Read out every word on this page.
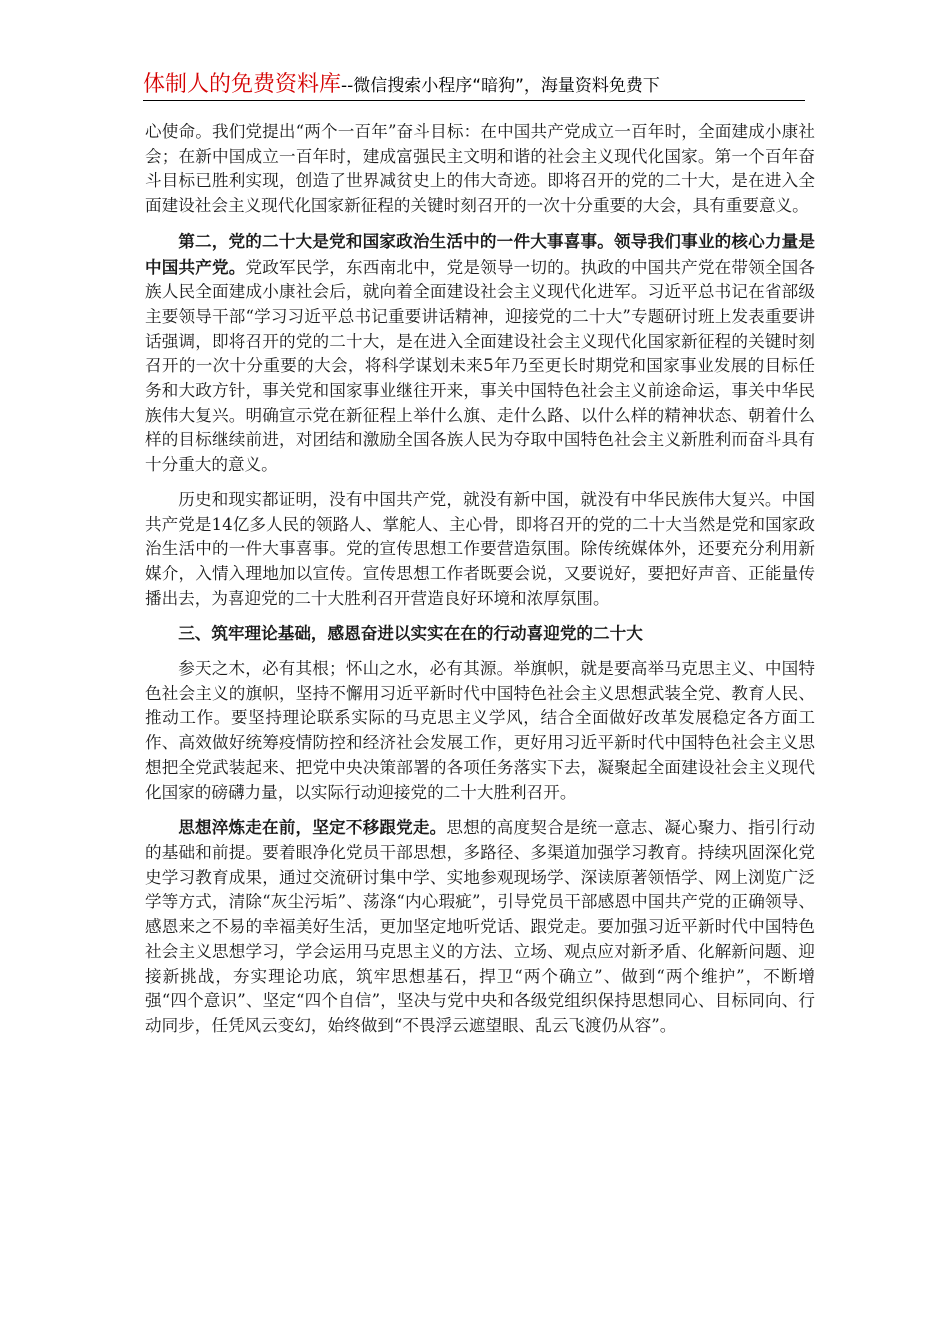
体制人的免费资料库--微信搜索小程序“暗狗”，海量资料免费下

心使命。我们党提出“两个一百年”奋斗目标：在中国共产党成立一百年时，全面建成小康社会；在新中国成立一百年时，建成富强民主文明和谐的社会主义现代化国家。第一个百年奋斗目标已胜利实现，创造了世界减贫史上的伟大奇迹。即将召开的党的二十大，是在进入全面建设社会主义现代化国家新征程的关键时刻召开的一次十分重要的大会，具有重要意义。

第二，党的二十大是党和国家政治生活中的一件大事喜事。领导我们事业的核心力量是中国共产党。党政军民学，东西南北中，党是领导一切的。执政的中国共产党在带领全国各族人民全面建成小康社会后，就向着全面建设社会主义现代化进军。习近平总书记在省部级主要领导干部“学习习近平总书记重要讲话精神，迎接党的二十大”专题研讨班上发表重要讲话强调，即将召开的党的二十大，是在进入全面建设社会主义现代化国家新征程的关键时刻召开的一次十分重要的大会，将科学谋划未来5年乃至更长时期党和国家事业发展的目标任务和大政方针，事关党和国家事业继往开来，事关中国特色社会主义前途命运，事关中华民族伟大复兴。明确宣示党在新征程上举什么旗、走什么路、以什么样的精神状态、朝着什么样的目标继续前进，对团结和激励全国各族人民为夺取中国特色社会主义新胜利而奋斗具有十分重大的意义。

历史和现实都证明，没有中国共产党，就没有新中国，就没有中华民族伟大复兴。中国共产党是14亿多人民的领路人、掌舵人、主心骨，即将召开的党的二十大当然是党和国家政治生活中的一件大事喜事。党的宣传思想工作要营造氛围。除传统媒体外，还要充分利用新媒介，入情入理地加以宣传。宣传思想工作者既要会说，又要说好，要把好声音、正能量传播出去，为喜迎党的二十大胜利召开营造良好环境和浓厚氛围。

三、筑牢理论基础，感恩奋进以实实在在的行动喜迎党的二十大

参天之木，必有其根；怀山之水，必有其源。举旗帜，就是要高举马克思主义、中国特色社会主义的旗帜，坚持不懈用习近平新时代中国特色社会主义思想武装全党、教育人民、推动工作。要坚持理论联系实际的马克思主义学风，结合全面做好改革发展稳定各方面工作、高效做好统筹疫情防控和经济社会发展工作，更好用习近平新时代中国特色社会主义思想把全党武装起来、把党中央决策部署的各项任务落实下去，凝聚起全面建设社会主义现代化国家的磅礴力量，以实际行动迎接党的二十大胜利召开。

思想淬炼走在前，坚定不移跟党走。思想的高度契合是统一意志、凝心聚力、指引行动的基础和前提。要着眼净化党员干部思想，多路径、多渠道加强学习教育。持续巩固深化党史学习教育成果，通过交流研讨集中学、实地参观现场学、深读原著领悟学、网上浏览广泛学等方式，清除“灰尘污垢”、荡涤“内心瑕疵”，引导党员干部感恩中国共产党的正确领导、感恩来之不易的幸福美好生活，更加坚定地听党话、跟党走。要加强习近平新时代中国特色社会主义思想学习，学会运用马克思主义的方法、立场、观点应对新矛盾、化解新问题、迎接新挑战，夯实理论功底，筑牢思想基石，捍卫“两个确立”、做到“两个维护”，不断增强“四个意识”、坚定“四个自信”，坚决与党中央和各级党组织保持思想同心、目标同向、行动同步，任凭风云变幻，始终做到“不畏浮云遮望眼、乱云飞渡仍从容”。
